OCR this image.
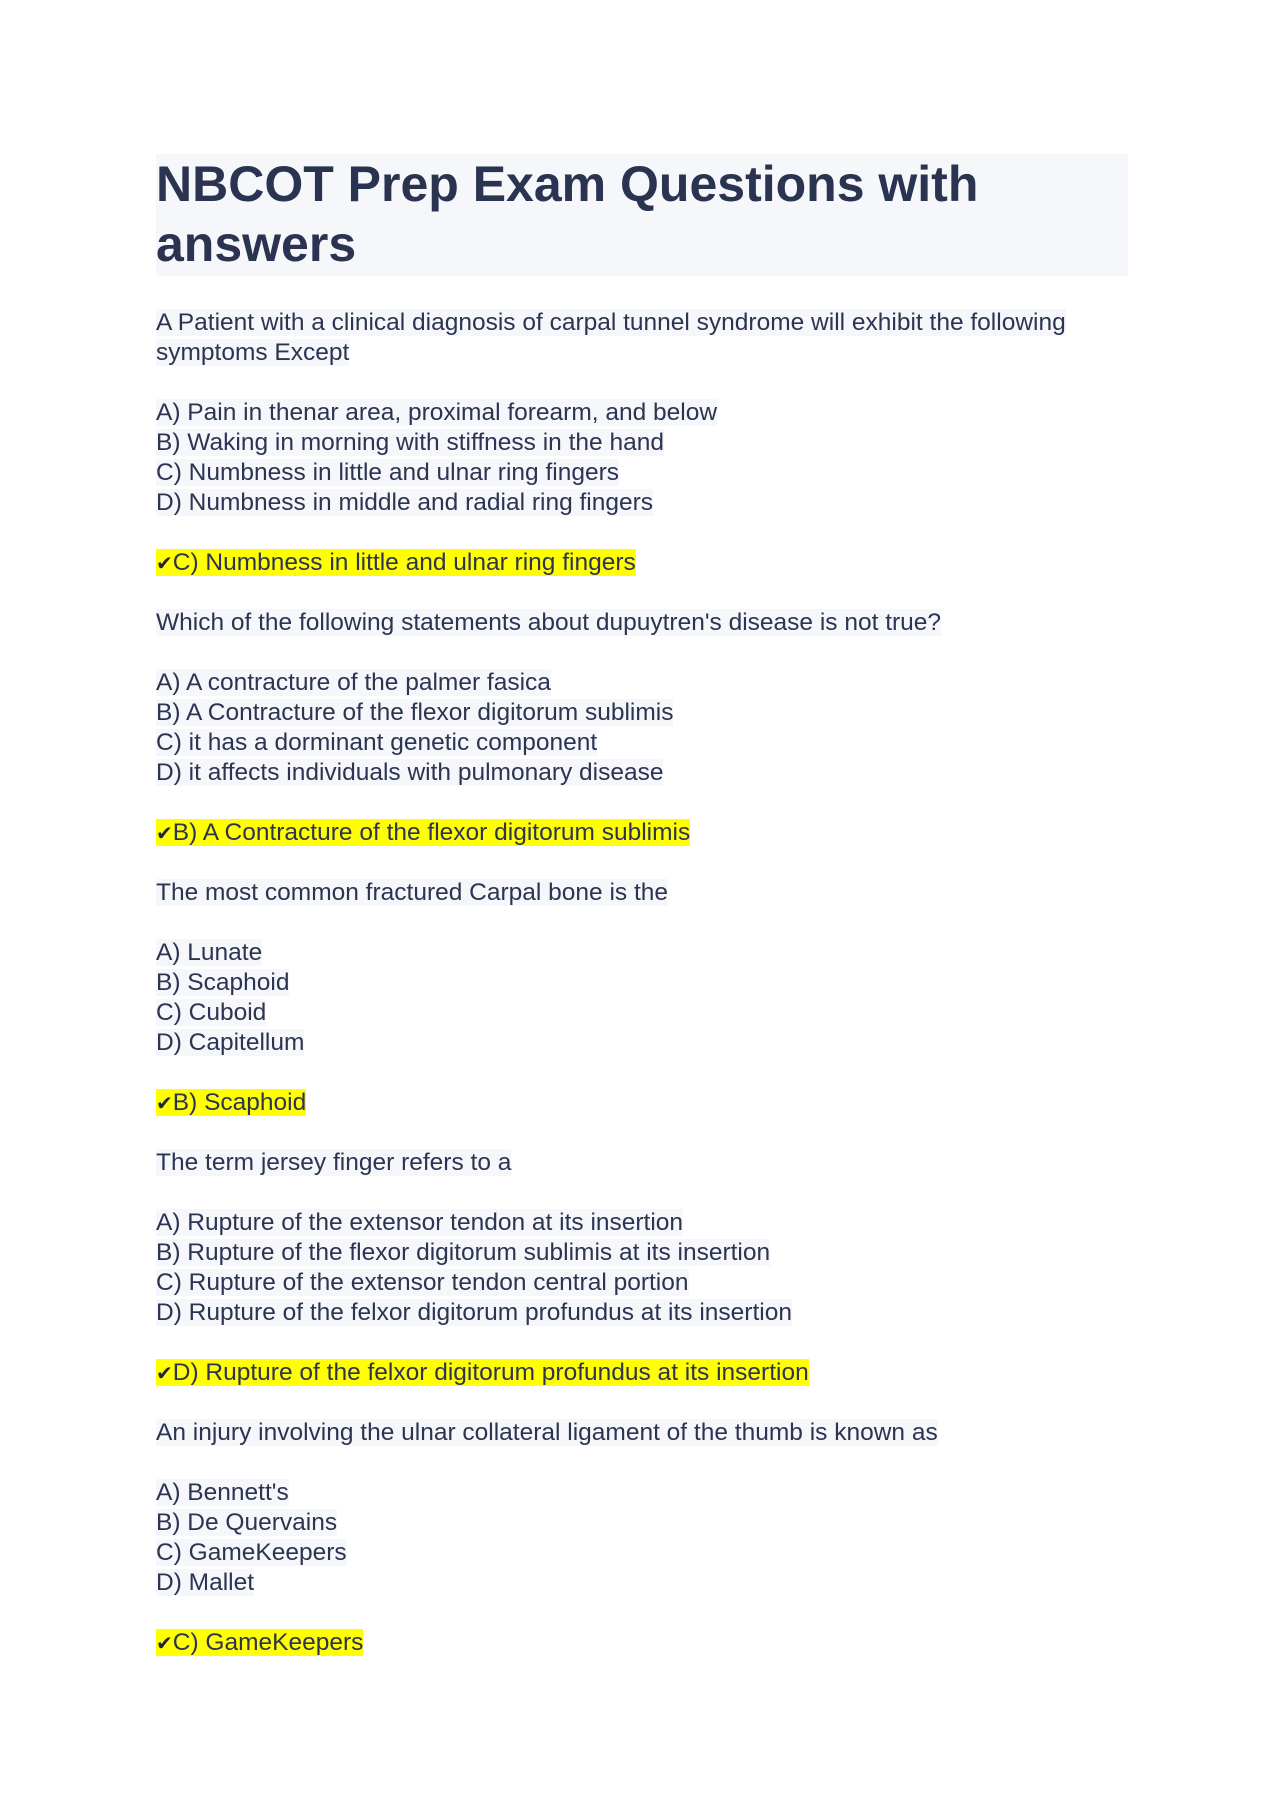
NBCOT Prep Exam Questions with answers
A Patient with a clinical diagnosis of carpal tunnel syndrome will exhibit the following
symptoms Except
A) Pain in thenar area, proximal forearm, and below
B) Waking in morning with stiffness in the hand
C) Numbness in little and ulnar ring fingers
D) Numbness in middle and radial ring fingers
✔C) Numbness in little and ulnar ring fingers
Which of the following statements about dupuytren's disease is not true?
A) A contracture of the palmer fasica
B) A Contracture of the flexor digitorum sublimis
C) it has a dorminant genetic component
D) it affects individuals with pulmonary disease
✔B) A Contracture of the flexor digitorum sublimis
The most common fractured Carpal bone is the
A) Lunate
B) Scaphoid
C) Cuboid
D) Capitellum
✔B) Scaphoid
The term jersey finger refers to a
A) Rupture of the extensor tendon at its insertion
B) Rupture of the flexor digitorum sublimis at its insertion
C) Rupture of the extensor tendon central portion
D) Rupture of the felxor digitorum profundus at its insertion
✔D) Rupture of the felxor digitorum profundus at its insertion
An injury involving the ulnar collateral ligament of the thumb is known as
A) Bennett's
B) De Quervains
C) GameKeepers
D) Mallet
✔C) GameKeepers
